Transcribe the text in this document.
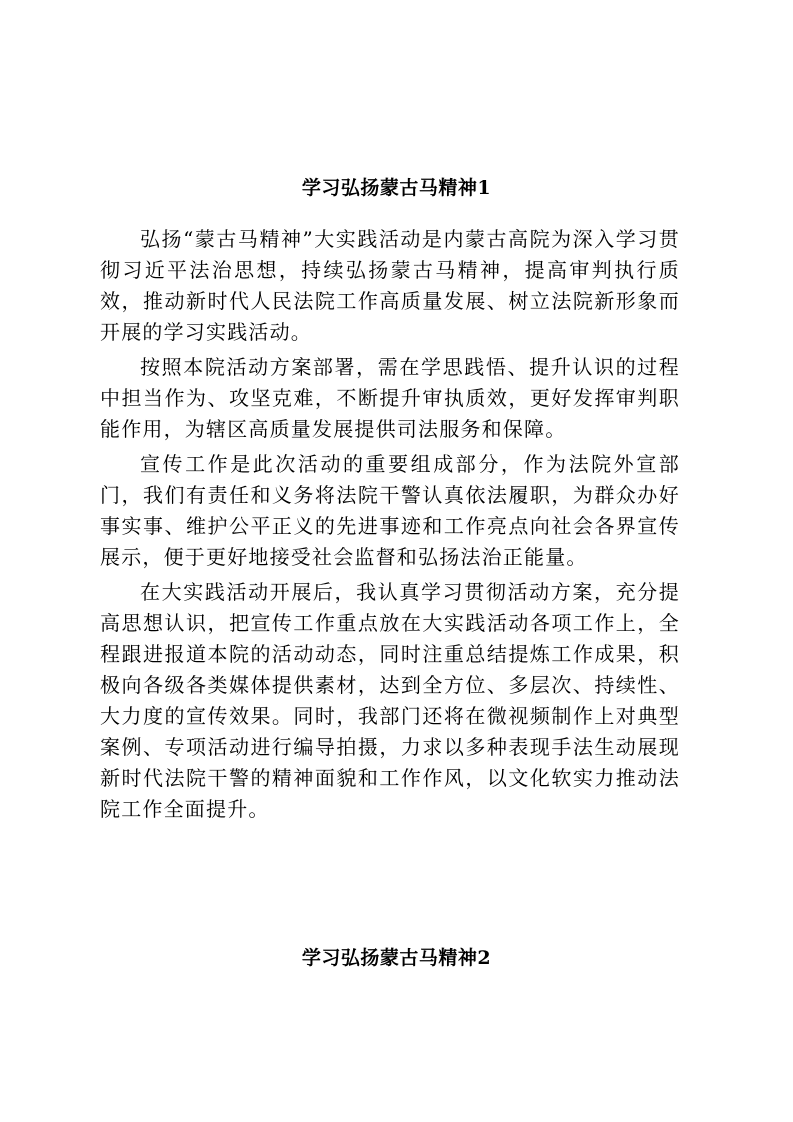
学习弘扬蒙古马精神1

弘扬“蒙古马精神”大实践活动是内蒙古高院为深入学习贯彻习近平法治思想，持续弘扬蒙古马精神，提高审判执行质效，推动新时代人民法院工作高质量发展、树立法院新形象而开展的学习实践活动。

按照本院活动方案部署，需在学思践悟、提升认识的过程中担当作为、攻坚克难，不断提升审执质效，更好发挥审判职能作用，为辖区高质量发展提供司法服务和保障。

宣传工作是此次活动的重要组成部分，作为法院外宣部门，我们有责任和义务将法院干警认真依法履职，为群众办好事实事、维护公平正义的先进事迹和工作亮点向社会各界宣传展示，便于更好地接受社会监督和弘扬法治正能量。

在大实践活动开展后，我认真学习贯彻活动方案，充分提高思想认识，把宣传工作重点放在大实践活动各项工作上，全程跟进报道本院的活动动态，同时注重总结提炼工作成果，积极向各级各类媒体提供素材，达到全方位、多层次、持续性、大力度的宣传效果。同时，我部门还将在微视频制作上对典型案例、专项活动进行编导拍摄，力求以多种表现手法生动展现新时代法院干警的精神面貌和工作作风，以文化软实力推动法院工作全面提升。

学习弘扬蒙古马精神2
